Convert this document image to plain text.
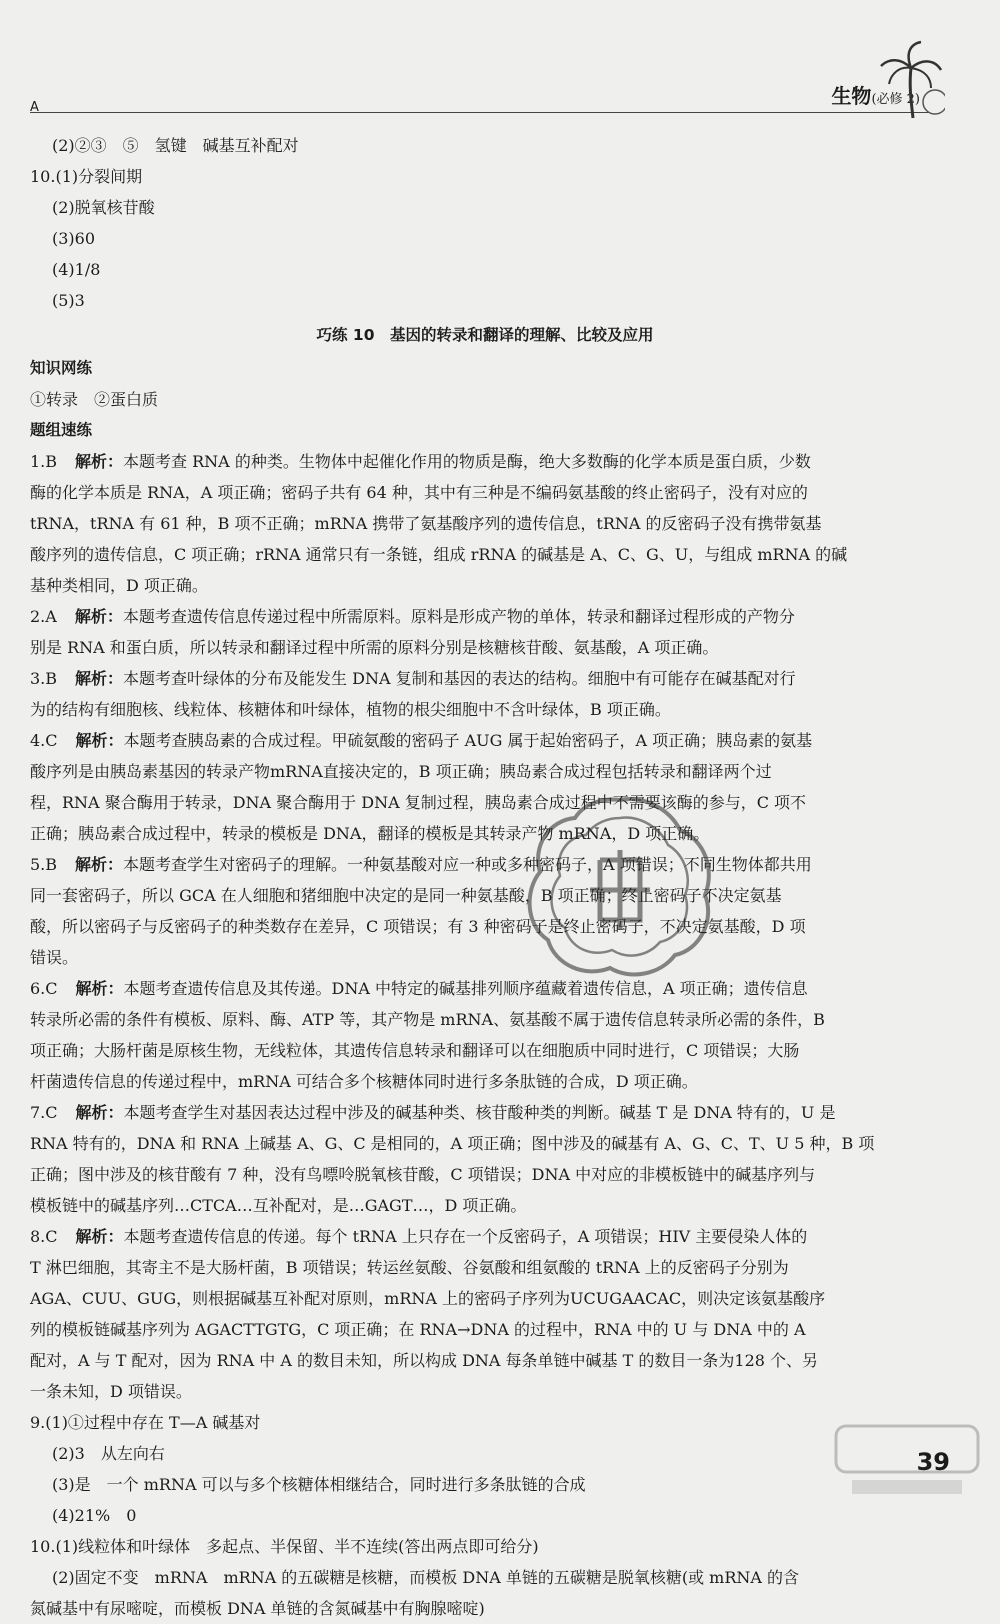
A	生物(必修 2)
(2)②③　⑤　氢键　碱基互补配对
10.(1)分裂间期
(2)脱氧核苷酸
(3)60
(4)1/8
(5)3
巧练 10　基因的转录和翻译的理解、比较及应用
知识网练
①转录　②蛋白质
题组速练
1.B 解析：本题考查 RNA 的种类。生物体中起催化作用的物质是酶，绝大多数酶的化学本质是蛋白质，少数
酶的化学本质是 RNA，A 项正确；密码子共有 64 种，其中有三种是不编码氨基酸的终止密码子，没有对应的
tRNA，tRNA 有 61 种，B 项不正确；mRNA 携带了氨基酸序列的遗传信息，tRNA 的反密码子没有携带氨基
酸序列的遗传信息，C 项正确；rRNA 通常只有一条链，组成 rRNA 的碱基是 A、C、G、U，与组成 mRNA 的碱
基种类相同，D 项正确。
2.A 解析：本题考查遗传信息传递过程中所需原料。原料是形成产物的单体，转录和翻译过程形成的产物分
别是 RNA 和蛋白质，所以转录和翻译过程中所需的原料分别是核糖核苷酸、氨基酸，A 项正确。
3.B 解析：本题考查叶绿体的分布及能发生 DNA 复制和基因的表达的结构。细胞中有可能存在碱基配对行
为的结构有细胞核、线粒体、核糖体和叶绿体，植物的根尖细胞中不含叶绿体，B 项正确。
4.C 解析：本题考查胰岛素的合成过程。甲硫氨酸的密码子 AUG 属于起始密码子，A 项正确；胰岛素的氨基
酸序列是由胰岛素基因的转录产物mRNA直接决定的，B 项正确；胰岛素合成过程包括转录和翻译两个过
程，RNA 聚合酶用于转录，DNA 聚合酶用于 DNA 复制过程，胰岛素合成过程中不需要该酶的参与，C 项不
正确；胰岛素合成过程中，转录的模板是 DNA，翻译的模板是其转录产物 mRNA，D 项正确。
5.B 解析：本题考查学生对密码子的理解。一种氨基酸对应一种或多种密码子，A 项错误；不同生物体都共用
同一套密码子，所以 GCA 在人细胞和猪细胞中决定的是同一种氨基酸，B 项正确；终止密码子不决定氨基
酸，所以密码子与反密码子的种类数存在差异，C 项错误；有 3 种密码子是终止密码子，不决定氨基酸，D 项
错误。
6.C 解析：本题考查遗传信息及其传递。DNA 中特定的碱基排列顺序蕴藏着遗传信息，A 项正确；遗传信息
转录所必需的条件有模板、原料、酶、ATP 等，其产物是 mRNA、氨基酸不属于遗传信息转录所必需的条件，B
项正确；大肠杆菌是原核生物，无线粒体，其遗传信息转录和翻译可以在细胞质中同时进行，C 项错误；大肠
杆菌遗传信息的传递过程中，mRNA 可结合多个核糖体同时进行多条肽链的合成，D 项正确。
7.C 解析：本题考查学生对基因表达过程中涉及的碱基种类、核苷酸种类的判断。碱基 T 是 DNA 特有的，U 是
RNA 特有的，DNA 和 RNA 上碱基 A、G、C 是相同的，A 项正确；图中涉及的碱基有 A、G、C、T、U 5 种，B 项
正确；图中涉及的核苷酸有 7 种，没有鸟嘌呤脱氧核苷酸，C 项错误；DNA 中对应的非模板链中的碱基序列与
模板链中的碱基序列…CTCA…互补配对，是…GAGT…，D 项正确。
8.C 解析：本题考查遗传信息的传递。每个 tRNA 上只存在一个反密码子，A 项错误；HIV 主要侵染人体的
T 淋巴细胞，其寄主不是大肠杆菌，B 项错误；转运丝氨酸、谷氨酸和组氨酸的 tRNA 上的反密码子分别为
AGA、CUU、GUG，则根据碱基互补配对原则，mRNA 上的密码子序列为UCUGAACAC，则决定该氨基酸序
列的模板链碱基序列为 AGACTTGTG，C 项正确；在 RNA→DNA 的过程中，RNA 中的 U 与 DNA 中的 A
配对，A 与 T 配对，因为 RNA 中 A 的数目未知，所以构成 DNA 每条单链中碱基 T 的数目一条为128 个、另
一条未知，D 项错误。
9.(1)①过程中存在 T—A 碱基对
(2)3　从左向右
(3)是　一个 mRNA 可以与多个核糖体相继结合，同时进行多条肽链的合成
(4)21%　0
10.(1)线粒体和叶绿体　多起点、半保留、半不连续(答出两点即可给分)
(2)固定不变　mRNA　mRNA 的五碳糖是核糖，而模板 DNA 单链的五碳糖是脱氧核糖(或 mRNA 的含
氮碱基中有尿嘧啶，而模板 DNA 单链的含氮碱基中有胸腺嘧啶)
39
